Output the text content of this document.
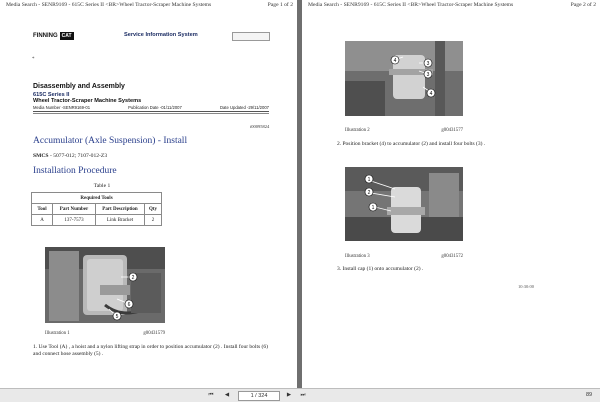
Media Search - SENR9169 - 615C Series II <BR>Wheel Tractor-Scraper Machine Systems	Page 1 of 2
FINNING CAT	Service Information System
*
Disassembly and Assembly
615C Series II
Wheel Tractor-Scraper Machine Systems
Media Number -SENR9169-01	Publication Date -01/11/2007	Date Updated -29/11/2007
i00095824
Accumulator (Axle Suspension) - Install
SMCS - 5077-012; 7107-012-Z3
Installation Procedure
Table 1
Required Tools			
Tool	Part Number	Part Description	Qty
A	137-7573	Link Bracket	2
2
6
5
Illustration 1	g00431579
1. Use Tool (A) , a hoist and a nylon lifting strap in order to position accumulator (2) . Install four bolts (6) and connect hose assembly (5) .
Media Search - SENR9169 - 615C Series II <BR>Wheel Tractor-Scraper Machine Systems	Page 2 of 2
4	3
3
4
Illustration 2	g00431577
2. Position bracket (4) to accumulator (2) and install four bolts (3) .
1
2
1
Illustration 3	g00431572
3. Install cap (1) onto accumulator (2) .
10:30:00
⏮	◀	1 / 324	▶	⏭	89
